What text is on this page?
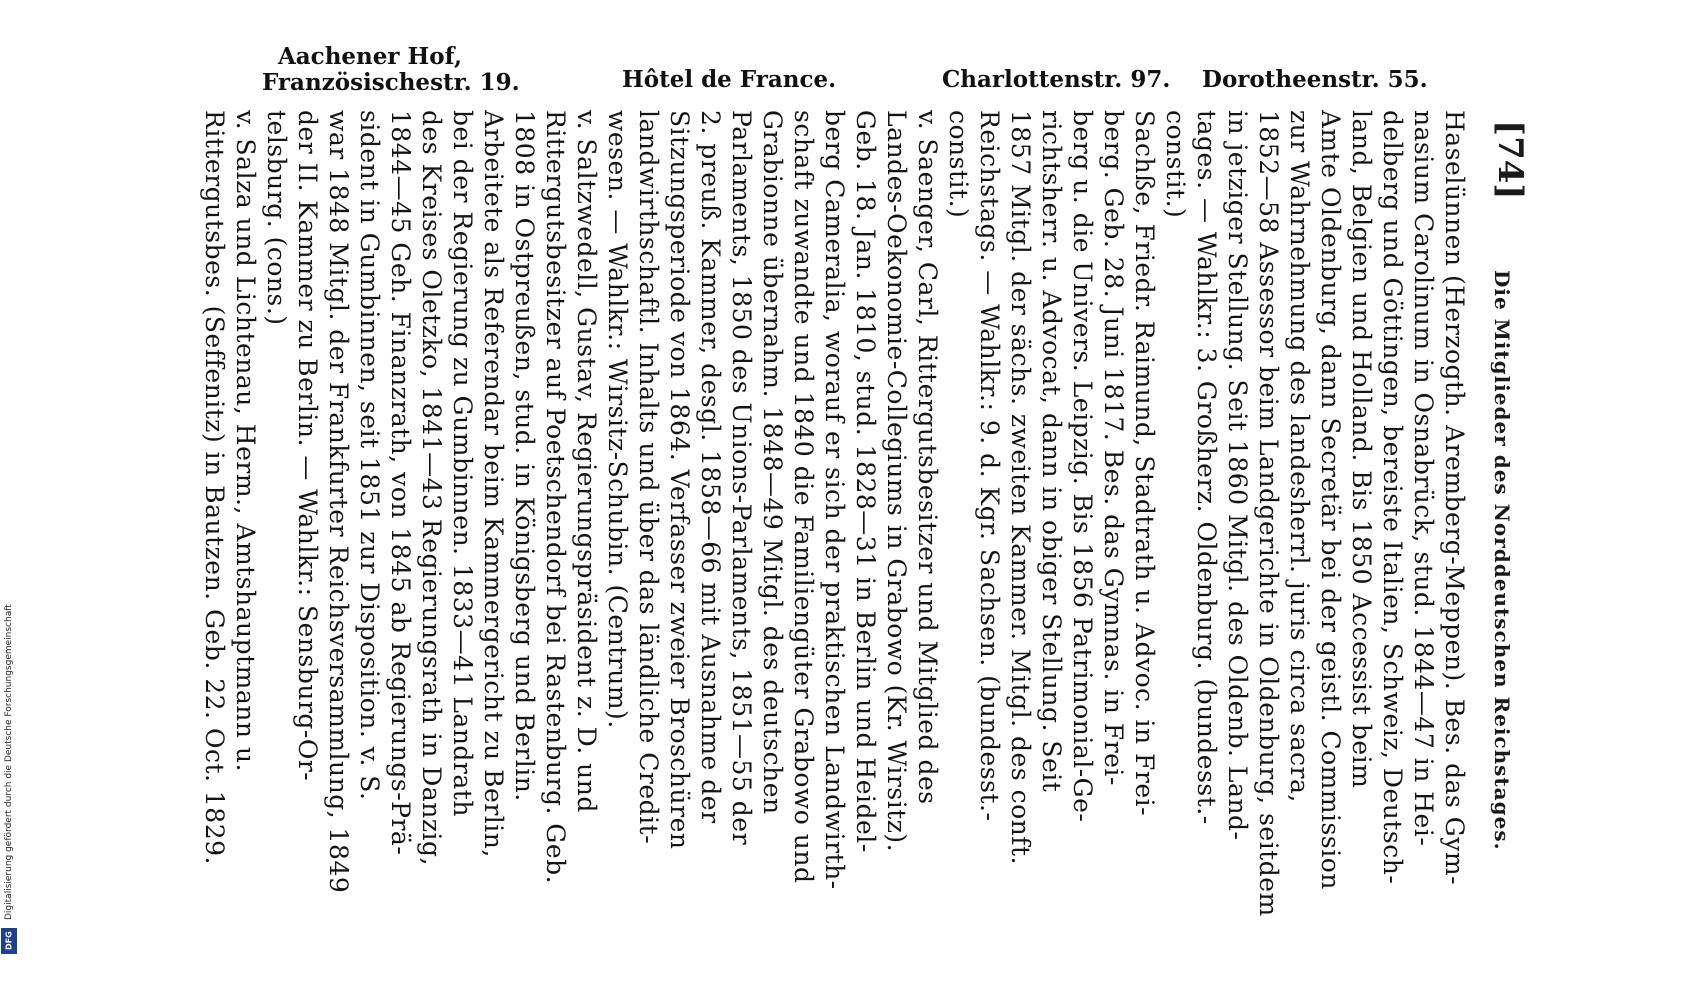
Aachener Hof,
Französischestr. 19.	Hôtel de France.	Charlottenstr. 97. Dorotheenstr. 55.
[74]
Die Mitglieder des Norddeutschen Reichstages.
Haselünnen (Herzogth. Aremberg-Meppen). Bes. das Gym-
nasium Carolinum in Osnabrück, stud. 1844—47 in Hei-
delberg und Göttingen, bereiste Italien, Schweiz, Deutsch-
land, Belgien und Holland. Bis 1850 Accessist beim
Amte Oldenburg, dann Secretär bei der geistl. Commission
zur Wahrnehmung des landesherrl. juris circa sacra,
1852—58 Assessor beim Landgerichte in Oldenburg, seitdem
in jetziger Stellung. Seit 1860 Mitgl. des Oldenb. Land-
tages. — Wahlkr.: 3. Großherz. Oldenburg. (bundesst.-
constit.)
Sachße, Friedr. Raimund, Stadtrath u. Advoc. in Frei-
berg. Geb. 28. Juni 1817. Bes. das Gymnas. in Frei-
berg u. die Univers. Leipzig. Bis 1856 Patrimonial-Ge-
richtsherr. u. Advocat, dann in obiger Stellung. Seit
1857 Mitgl. der sächs. zweiten Kammer. Mitgl. des conft.
Reichstags. — Wahlkr.: 9. d. Kgr. Sachsen. (bundesst.-
constit.)
v. Saenger, Carl, Rittergutsbesitzer und Mitglied des
Landes-Oekonomie-Collegiums in Grabowo (Kr. Wirsitz).
Geb. 18. Jan. 1810, stud. 1828—31 in Berlin und Heidel-
berg Cameralia, worauf er sich der praktischen Landwirth-
schaft zuwandte und 1840 die Familiengüter Grabowo und
Grabionne übernahm. 1848—49 Mitgl. des deutschen
Parlaments, 1850 des Unions-Parlaments, 1851—55 der
2. preuß. Kammer, desgl. 1858—66 mit Ausnahme der
Sitzungsperiode von 1864. Verfasser zweier Broschüren
landwirthschaftl. Inhalts und über das ländliche Credit-
wesen. — Wahlkr.: Wirsitz-Schubin. (Centrum).
v. Saltzwedell, Gustav, Regierungspräsident z. D. und
Rittergutsbesitzer auf Poetschendorf bei Rastenburg. Geb.
1808 in Ostpreußen, stud. in Königsberg und Berlin.
Arbeitete als Referendar beim Kammergericht zu Berlin,
bei der Regierung zu Gumbinnen. 1833—41 Landrath
des Kreises Oletzko, 1841—43 Regierungsrath in Danzig,
1844—45 Geh. Finanzrath, von 1845 ab Regierungs-Prä-
sident in Gumbinnen, seit 1851 zur Disposition. v. S.
war 1848 Mitgl. der Frankfurter Reichsversammlung, 1849
der II. Kammer zu Berlin. — Wahlkr.: Sensburg-Or-
telsburg. (cons.)
v. Salza und Lichtenau, Herm., Amtshauptmann u.
Rittergutsbes. (Seffenitz) in Bautzen. Geb. 22. Oct. 1829.
Digitalisierung gefördert durch die Deutsche Forschungsgemeinschaft
DFG
